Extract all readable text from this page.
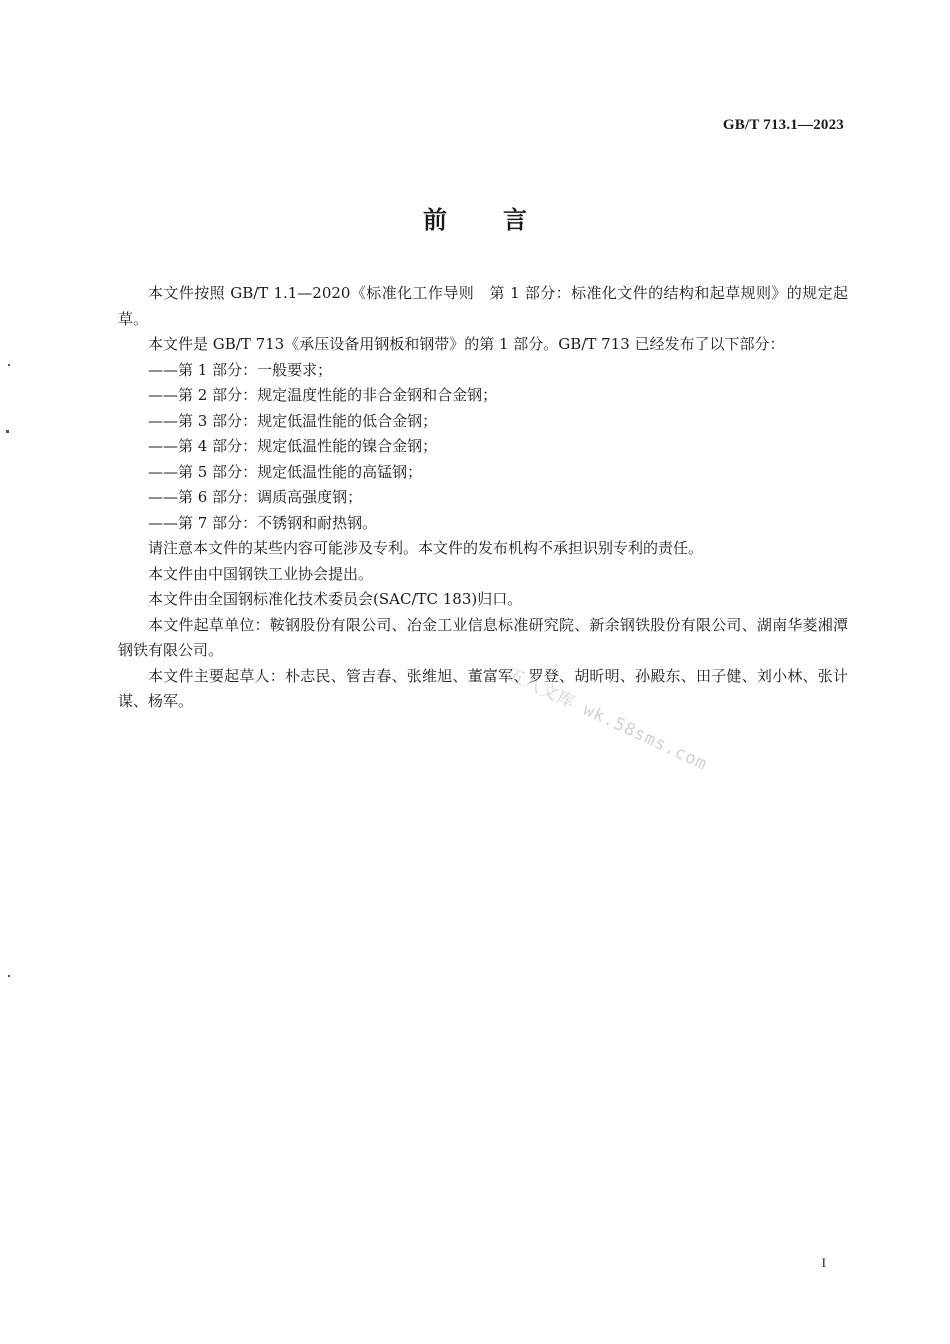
GB/T 713.1—2023
前言

本文件按照 GB/T 1.1—2020《标准化工作导则　第 1 部分：标准化文件的结构和起草规则》的规定起草。

本文件是 GB/T 713《承压设备用钢板和钢带》的第 1 部分。GB/T 713 已经发布了以下部分：

——第 1 部分：一般要求；

——第 2 部分：规定温度性能的非合金钢和合金钢；

——第 3 部分：规定低温性能的低合金钢；

——第 4 部分：规定低温性能的镍合金钢；

——第 5 部分：规定低温性能的高锰钢；

——第 6 部分：调质高强度钢；

——第 7 部分：不锈钢和耐热钢。

请注意本文件的某些内容可能涉及专利。本文件的发布机构不承担识别专利的责任。

本文件由中国钢铁工业协会提出。

本文件由全国钢标准化技术委员会(SAC/TC 183)归口。

本文件起草单位：鞍钢股份有限公司、冶金工业信息标准研究院、新余钢铁股份有限公司、湖南华菱湘潭钢铁有限公司。

本文件主要起草人：朴志民、管吉春、张维旭、董富军、罗登、胡昕明、孙殿东、田子健、刘小林、张计谋、杨军。	五八文库 wk.58sms.com
I
